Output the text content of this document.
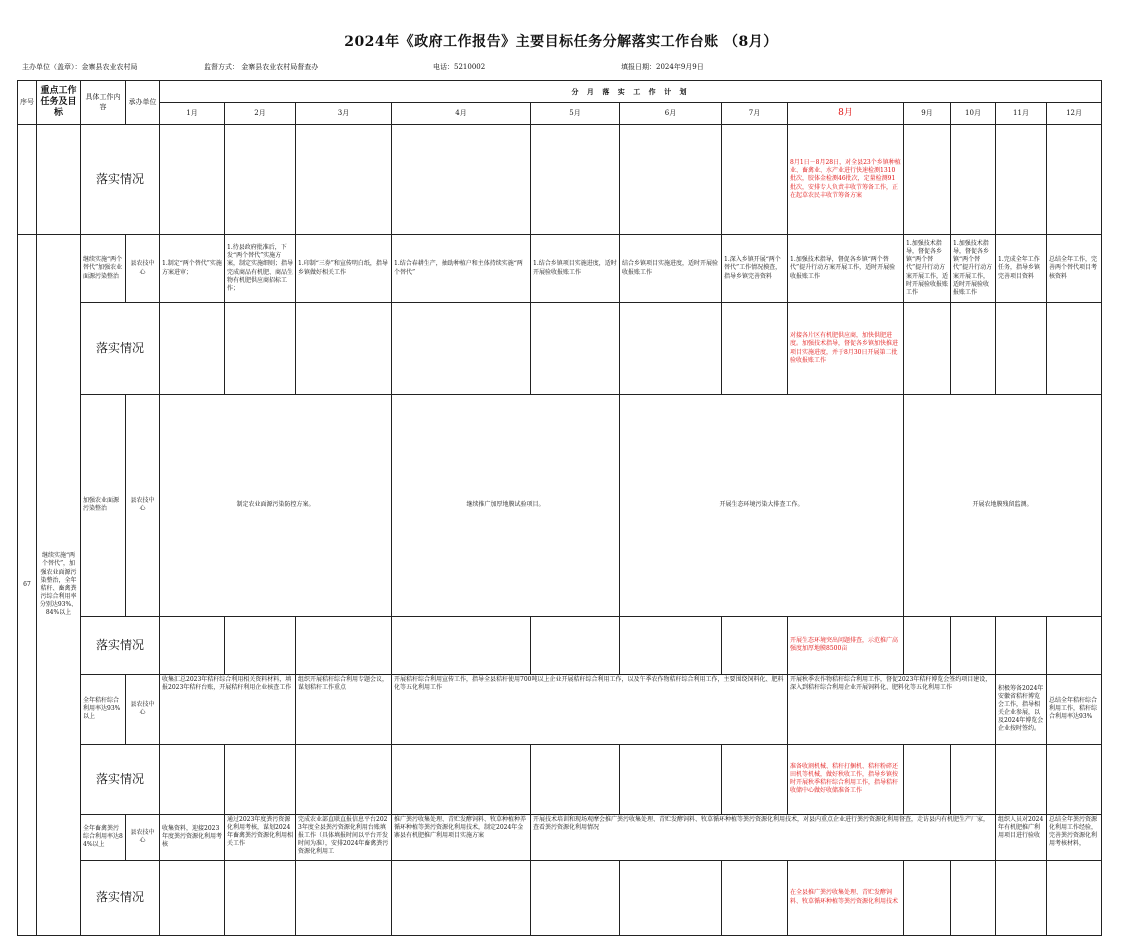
2024年《政府工作报告》主要目标任务分解落实工作台账 （8月）
主办单位（盖章）：金寨县农业农村局	监督方式： 金寨县农业农村局督查办	电话：5210002	填报日期：2024年9月9日
序号	重点工作任务及目标	具体工作内容	承办单位	分 月 落 实 工 作 计 划												
				1月	2月	3月	4月	5月	6月	7月	8月	9月	10月	11月	12月	
		落实情况									8月1日－8月28日，对全县23个乡镇种植业、畜禽业、水产业进行快速检测1310批次，胶体金检测46批次，定量检测91批次，安排专人负责丰收节筹备工作，正在起草农民丰收节筹备方案					
67	继续实施“两个替代”，加强农业面源污染整治，全年秸秆、畜禽粪污综合利用率分别达93%、84%以上	继续实施“两个替代”加强农业面源污染整治	县农技中心	1.制定“两个替代”实施方案进审；	1.待县政府批准后，下发“两个替代”实施方案，制定实施细则；指导完成商品有机肥、商品生物有机肥供应商招标工作；	1.印制“三券”和宣传明白纸，指导乡镇做好相关工作	1.结合春耕生产，抽助种植户和主体持续实施“两个替代”	1.结合乡镇项目实施进度，适时开展验收报账工作	结合乡镇项目实施进度，适时开展验收报账工作	1.深入乡镇开展“两个替代”工作情况摸查，指导乡镇完善资料	1.加强技术指导，督促各乡镇“两个替代”提升行动方案开展工作，适时开展验收报账工作	1.加强技术指导，督促各乡镇“两个替代”提升行动方案开展工作，适时开展验收报账工作	1.加强技术指导，督促各乡镇“两个替代”提升行动方案开展工作，适时开展验收报账工作	1.完成全年工作任务，指导乡镇完善项目资料	总结全年工作，完善两个替代项目考核资料	
		落实情况									对接各片区有机肥供应商，加快供肥进度。加强技术指导，督促各乡镇加快推进项目实施进度，并于8月30日开展第二批验收报账工作					
		加强农业面源污染整治	县农技中心	制定农业面源污染防控方案。			继续推广加厚地膜试验项目。		开展生态环境污染大排查工作。			开展农地膜残留监测。	
		落实情况									开展生态环境突出问题排查，示范推广高强度加厚地膜8500亩					
		全年秸秆综合利用率达93%以上	县农技中心	收集汇总2023年秸秆综合利用相关资料材料，填报2023年秸秆台账，开展秸秆利用企业核查工作		组织开展秸秆综合利用专题会议，谋划秸秆工作重点	开展秸秆综合利用宣传工作，指导全县秸秆使用700吨以上企业开展秸秆综合利用工作，以及午季农作物秸秆综合利用工作，主要围绕饲料化、肥料化等五化利用工作				开展秋季农作物秸秆综合利用工作，督促2023年秸秆博览会签约项目建设，深入到秸秆综合利用企业开展饲料化、肥料化等五化利用工作			积极筹备2024年安徽省秸秆博览会工作，指导相关企业参展，以及2024年博览会企业按时签约。	总结全年秸秆综合利用工作，秸秆综合利用率达93%	
		落实情况									准备收割机械、秸秆打捆机、秸秆粉碎还田机等机械，做好秋收工作，指导乡镇按时开展秋季秸秆综合利用工作，指导秸秆收储中心做好收储准备工作					
		全年畜禽粪污综合利用率达84%以上	县农技中心	收集资料，迎接2023年度粪污资源化利用考核	通过2023年度粪污资源化利用考核，谋划2024年畜禽粪污资源化利用相关工作	完成农业部直联直报信息平台2023年度全县粪污资源化利用台账填报工作（具体填报时间以平台开发时间为准），安排2024年畜禽粪污资源化利用工	推广粪污收集处理、青贮发酵饲料、牧草种植种养循环种植等粪污资源化利用技术，制定2024年金寨县有机肥推广利用项目实施方案	开展技术培训和现场观摩会推广粪污收集处理、青贮发酵饲料、牧草循环种植等粪污资源化利用技术，对县内重点企业进行粪污资源化利用督查，走访县内有机肥生产厂家，查看粪污资源化利用情况						组织人员对2024年有机肥推广利用项目进行验收	总结全年粪污资源化利用工作经验，完善粪污资源化利用考核材料，	
		落实情况									在全县推广粪污收集处理、青贮发酵饲料、牧草循环种植等粪污资源化利用技术					
